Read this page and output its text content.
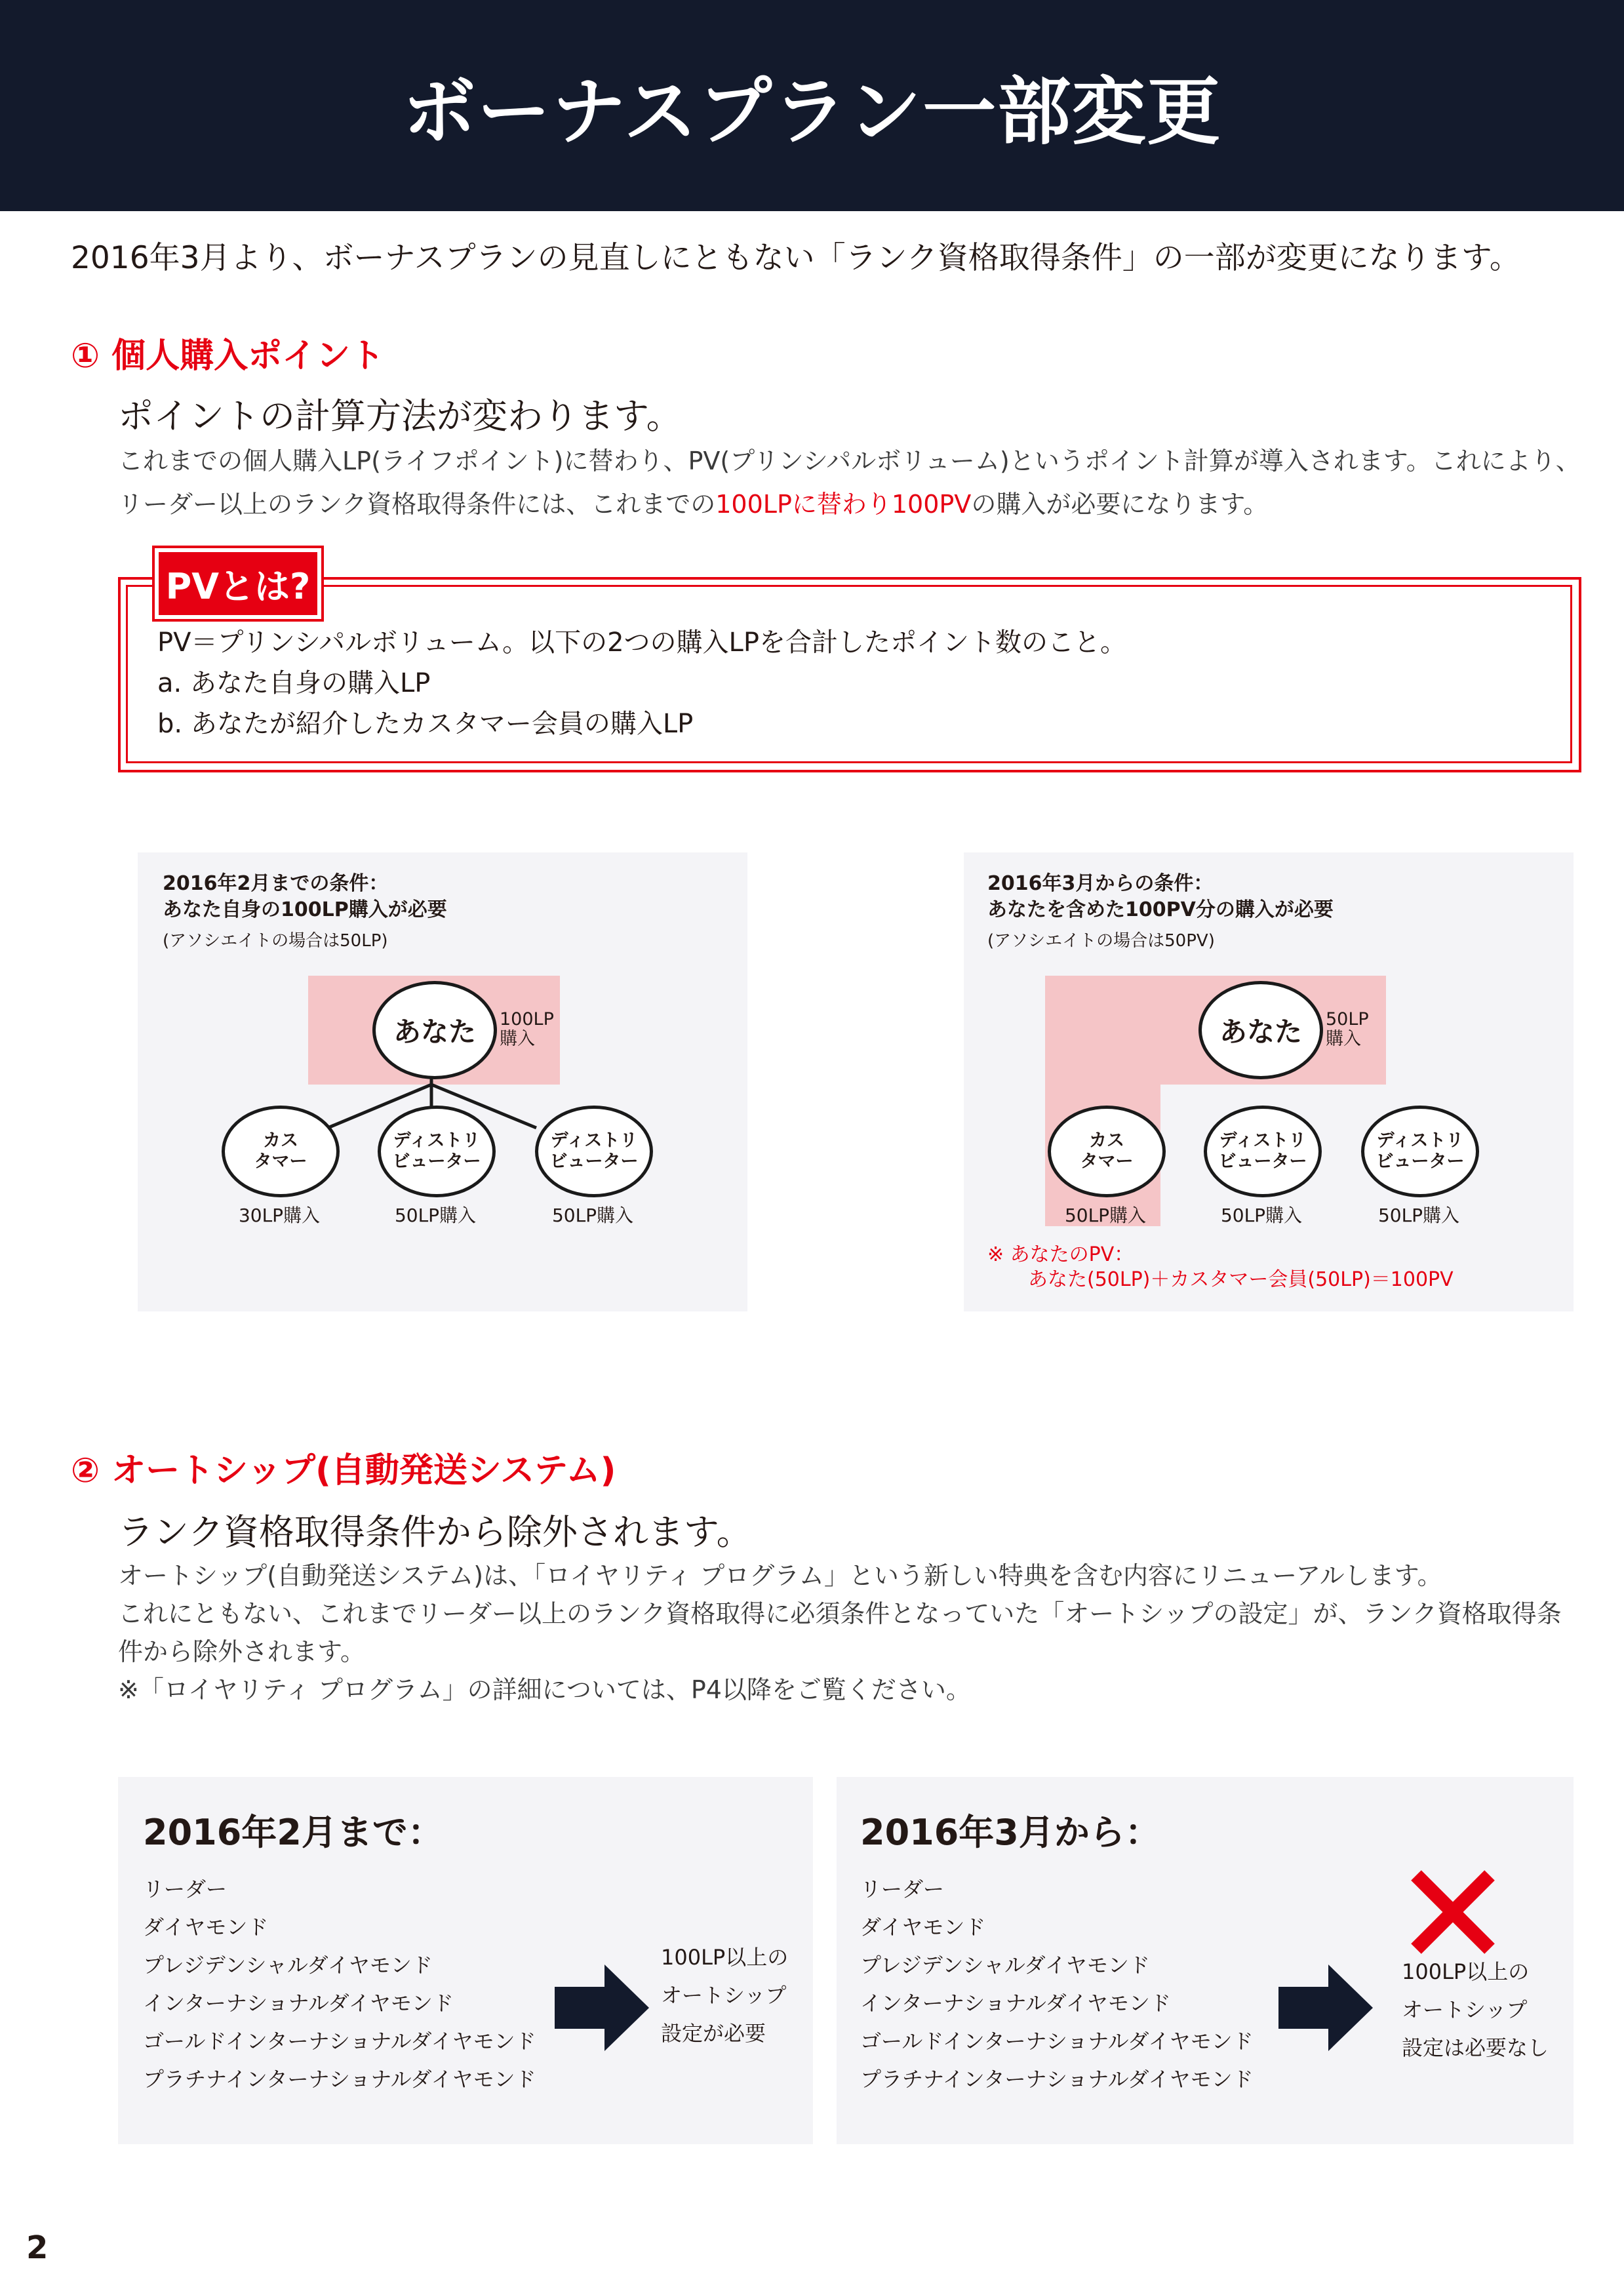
ボーナスプラン一部変更
2016年3月より、ボーナスプランの見直しにともない「ランク資格取得条件」の一部が変更になります。
① 個人購入ポイント
ポイントの計算方法が変わります。
これまでの個人購入LP(ライフポイント)に替わり、PV(プリンシパルボリューム)というポイント計算が導入されます。これにより、
リーダー以上のランク資格取得条件には、これまでの100LPに替わり100PVの購入が必要になります。
PVとは?
PV＝プリンシパルボリューム。以下の2つの購入LPを合計したポイント数のこと。
a. あなた自身の購入LP
b. あなたが紹介したカスタマー会員の購入LP
2016年2月までの条件：
あなた自身の100LP購入が必要
(アソシエイトの場合は50LP)
あなた	100LP
購入
カス
タマー
ディストリ
ビューター
ディストリ
ビューター
30LP購入	50LP購入	50LP購入
2016年3月からの条件：
あなたを含めた100PV分の購入が必要
(アソシエイトの場合は50PV)
あなた	50LP
購入
カス
タマー
ディストリ
ビューター
ディストリ
ビューター
50LP購入	50LP購入	50LP購入
※ あなたのPV：
あなた(50LP)＋カスタマー会員(50LP)＝100PV
② オートシップ(自動発送システム)
ランク資格取得条件から除外されます。
オートシップ(自動発送システム)は、「ロイヤリティ プログラム」という新しい特典を含む内容にリニューアルします。
これにともない、これまでリーダー以上のランク資格取得に必須条件となっていた「オートシップの設定」が、ランク資格取得条
件から除外されます。
※「ロイヤリティ プログラム」の詳細については、P4以降をご覧ください。
2016年2月まで：
リーダー
ダイヤモンド
プレジデンシャルダイヤモンド
インターナショナルダイヤモンド
ゴールドインターナショナルダイヤモンド
プラチナインターナショナルダイヤモンド
100LP以上の
オートシップ
設定が必要
2016年3月から：
リーダー
ダイヤモンド
プレジデンシャルダイヤモンド
インターナショナルダイヤモンド
ゴールドインターナショナルダイヤモンド
プラチナインターナショナルダイヤモンド
100LP以上の
オートシップ
設定は必要なし
2
